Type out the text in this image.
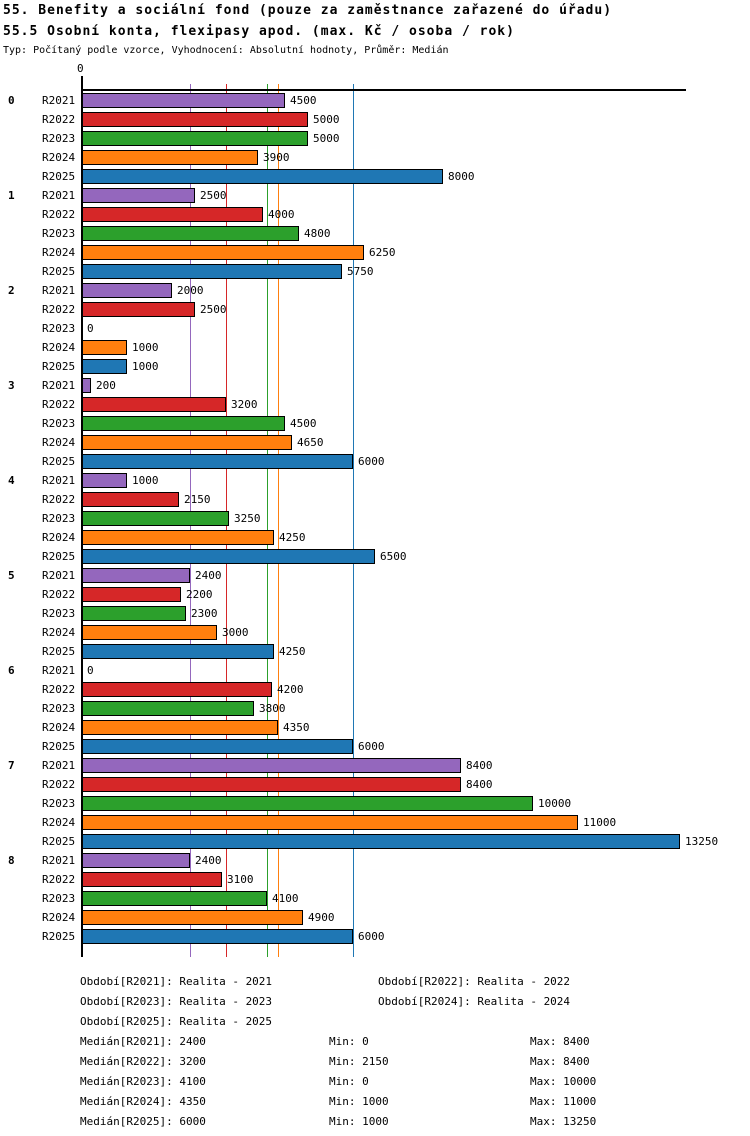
55. Benefity a sociální fond (pouze za zaměstnance zařazené do úřadu)
55.5 Osobní konta, flexipasy apod. (max. Kč / osoba / rok)
Typ: Počítaný podle vzorce, Vyhodnocení: Absolutní hodnoty, Průměr: Medián
0
0 R2021	4500
R2022	5000
R2023	5000
R2024	3900
R2025	8000
1 R2021	2500
R2022	4000
R2023	4800
R2024	6250
R2025	5750
2 R2021	2000
R2022	2500
R2023 0
R2024	1000
R2025	1000
3 R2021 200
R2022	3200
R2023	4500
R2024	4650
R2025	6000
4 R2021	1000
R2022	2150
R2023	3250
R2024	4250
R2025	6500
5 R2021	2400
R2022	2200
R2023	2300
R2024	3000
R2025	4250
6 R2021 0
R2022	4200
R2023	3800
R2024	4350
R2025	6000
7 R2021	8400
R2022	8400
R2023	10000
R2024	11000
R2025	13250
8 R2021	2400
R2022	3100
R2023	4100
R2024	4900
R2025	6000
Období[R2021]: Realita - 2021	Období[R2022]: Realita - 2022
Období[R2023]: Realita - 2023	Období[R2024]: Realita - 2024
Období[R2025]: Realita - 2025
Medián[R2021]: 2400	Min: 0	Max: 8400
Medián[R2022]: 3200	Min: 2150	Max: 8400
Medián[R2023]: 4100	Min: 0	Max: 10000
Medián[R2024]: 4350	Min: 1000	Max: 11000
Medián[R2025]: 6000	Min: 1000	Max: 13250
